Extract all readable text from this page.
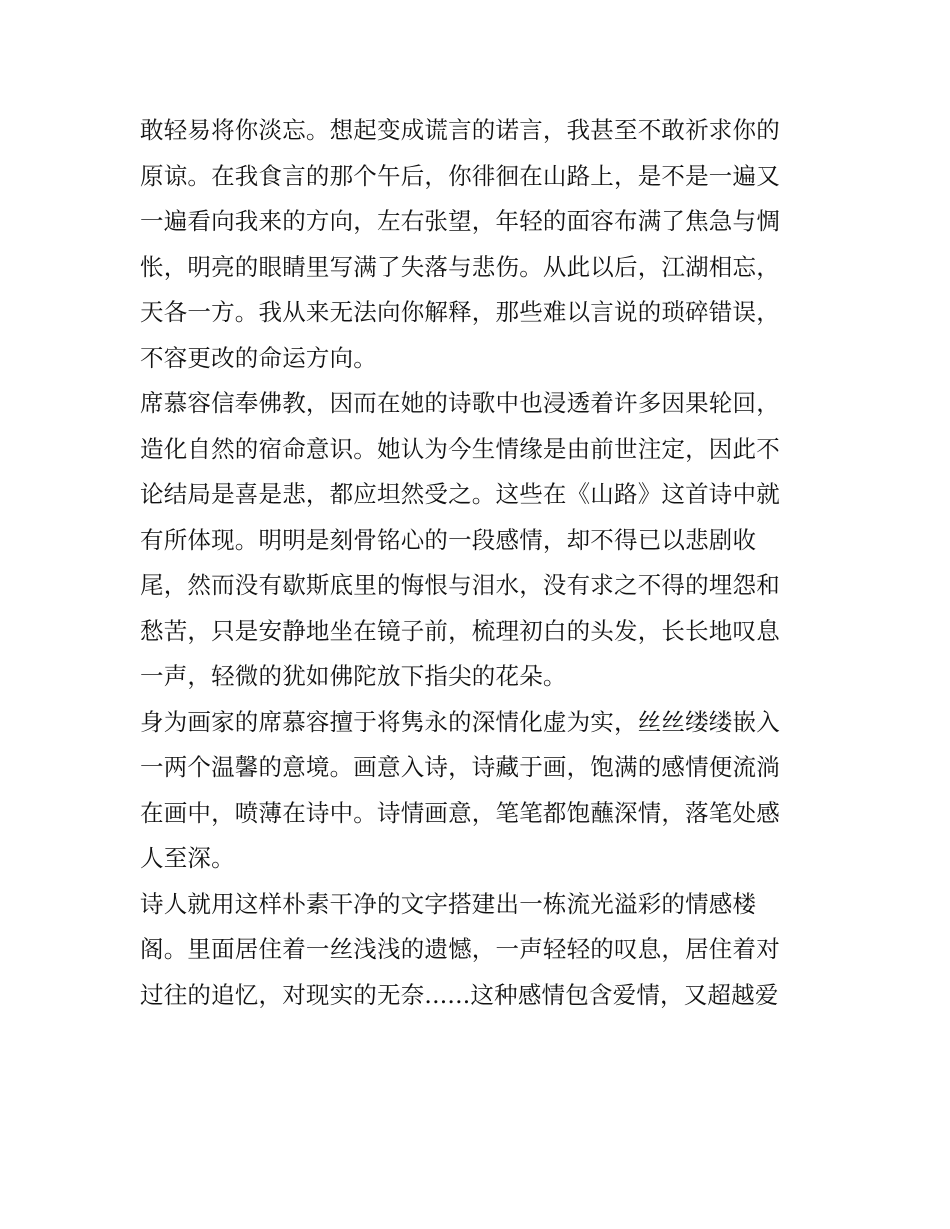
敢轻易将你淡忘。想起变成谎言的诺言，我甚至不敢祈求你的
原谅。在我食言的那个午后，你徘徊在山路上，是不是一遍又
一遍看向我来的方向，左右张望，年轻的面容布满了焦急与惆
怅，明亮的眼睛里写满了失落与悲伤。从此以后，江湖相忘，
天各一方。我从来无法向你解释，那些难以言说的琐碎错误，
不容更改的命运方向。
席慕容信奉佛教，因而在她的诗歌中也浸透着许多因果轮回，
造化自然的宿命意识。她认为今生情缘是由前世注定，因此不
论结局是喜是悲，都应坦然受之。这些在《山路》这首诗中就
有所体现。明明是刻骨铭心的一段感情，却不得已以悲剧收
尾，然而没有歇斯底里的悔恨与泪水，没有求之不得的埋怨和
愁苦，只是安静地坐在镜子前，梳理初白的头发，长长地叹息
一声，轻微的犹如佛陀放下指尖的花朵。
身为画家的席慕容擅于将隽永的深情化虚为实，丝丝缕缕嵌入
一两个温馨的意境。画意入诗，诗藏于画，饱满的感情便流淌
在画中，喷薄在诗中。诗情画意，笔笔都饱蘸深情，落笔处感
人至深。
诗人就用这样朴素干净的文字搭建出一栋流光溢彩的情感楼
阁。里面居住着一丝浅浅的遗憾，一声轻轻的叹息，居住着对
过往的追忆，对现实的无奈......这种感情包含爱情，又超越爱
